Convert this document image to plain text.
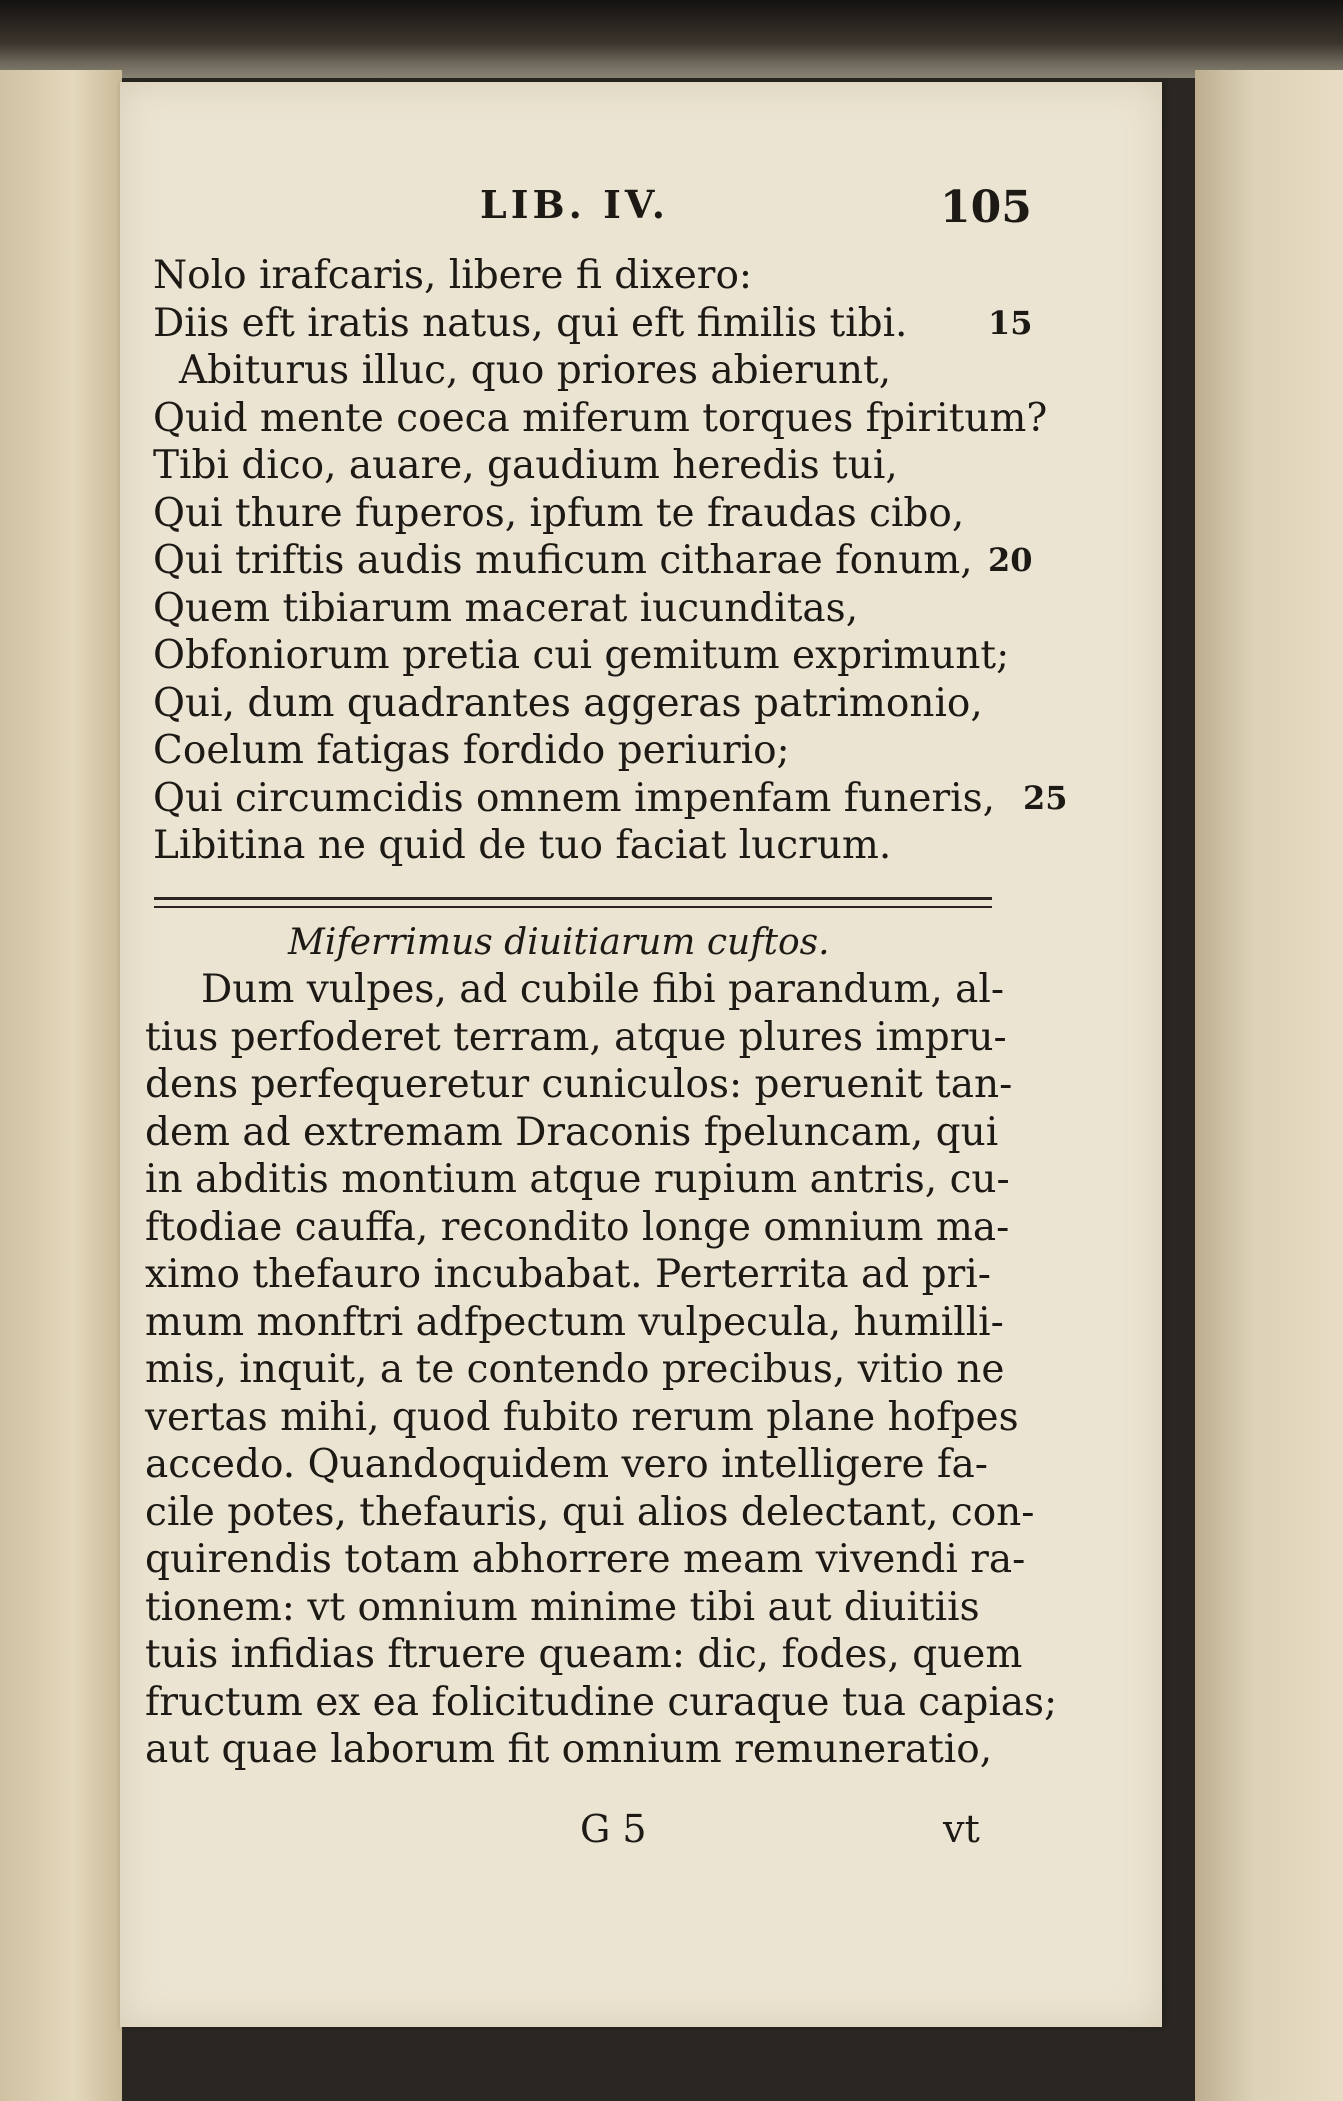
LIB. IV.	105
Nolo irafcaris, libere fi dixero:
Diis eft iratis natus, qui eft fimilis tibi.	15
Abiturus illuc, quo priores abierunt,
Quid mente coeca miferum torques fpiritum?
Tibi dico, auare, gaudium heredis tui,
Qui thure fuperos, ipfum te fraudas cibo,
Qui triftis audis muficum citharae fonum, 20
Quem tibiarum macerat iucunditas,
Obfoniorum pretia cui gemitum exprimunt;
Qui, dum quadrantes aggeras patrimonio,
Coelum fatigas fordido periurio;
Qui circumcidis omnem impenfam funeris, 25
Libitina ne quid de tuo faciat lucrum.
Miferrimus diuitiarum cuftos.
Dum vulpes, ad cubile fibi parandum, al-
tius perfoderet terram, atque plures impru-
dens perfequeretur cuniculos: peruenit tan-
dem ad extremam Draconis fpeluncam, qui
in abditis montium atque rupium antris, cu-
ftodiae cauffa, recondito longe omnium ma-
ximo thefauro incubabat. Perterrita ad pri-
mum monftri adfpectum vulpecula, humilli-
mis, inquit, a te contendo precibus, vitio ne
vertas mihi, quod fubito rerum plane hofpes
accedo. Quandoquidem vero intelligere fa-
cile potes, thefauris, qui alios delectant, con-
quirendis totam abhorrere meam vivendi ra-
tionem: vt omnium minime tibi aut diuitiis
tuis infidias ftruere queam: dic, fodes, quem
fructum ex ea folicitudine curaque tua capias;
aut quae laborum fit omnium remuneratio,
G 5	vt
